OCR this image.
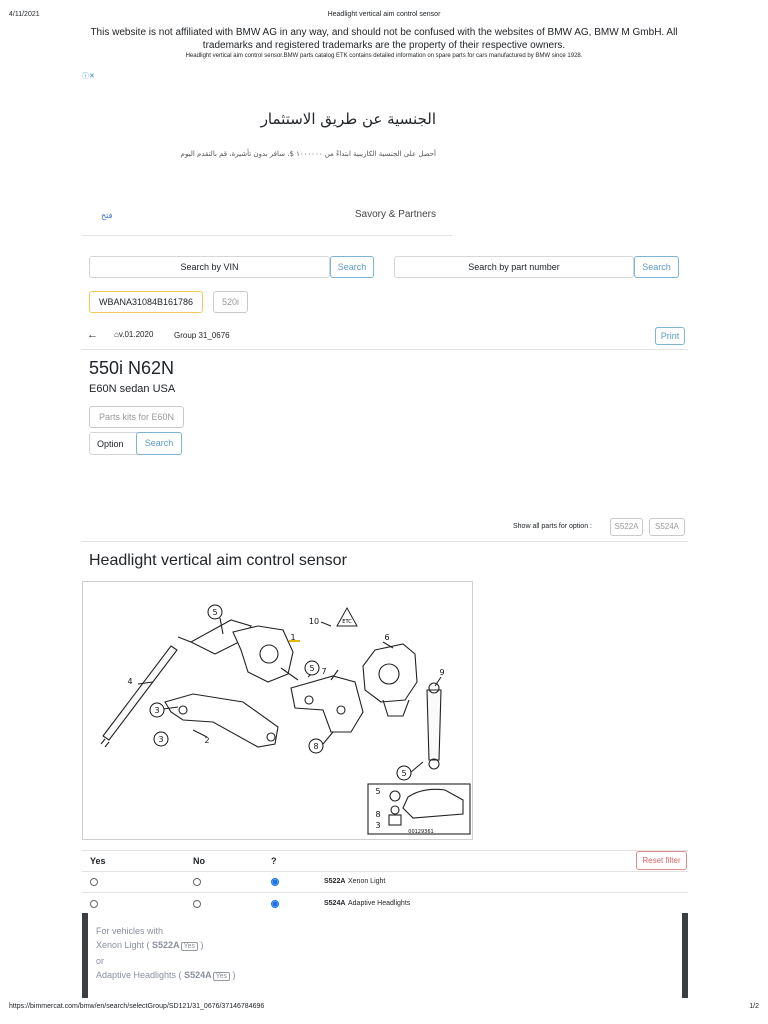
4/11/2021	Headlight vertical aim control sensor
This website is not affiliated with BMW AG in any way, and should not be confused with the websites of BMW AG, BMW M GmbH. All
trademarks and registered trademarks are the property of their respective owners.
Headlight vertical aim control sensor.BMW parts catalog ETK contains detailed information on spare parts for cars manufactured by BMW since 1928.
ⓘ✕
الجنسية عن طريق الاستثمار
أحصل على الجنسية الكاريبية ابتداءً من ١٠٠٠٠٠٠ $. سافر بدون تأشيرة، قم بالتقدم اليوم
فتح	Savory & Partners
Search by VIN	Search	Search by part number	Search
WBANA31084B161786	520i
← ⌂v.01.2020	Group 31_0676	Print
550i N62N
E60N sedan USA
Parts kits for E60N
Option	Search
Show all parts for option :	S522A	S524A
Headlight vertical aim control sensor
ETC
5
1
10
6
4
5 7	9
3
2
3
8
5
5
8
3
00129361
Yes	No	?	Reset filter
S522A Xenon Light
S524A Adaptive Headlights
For vehicles with
Xenon Light ( S522A Yes )
or
Adaptive Headlights ( S524A Yes )
https://bimmercat.com/bmw/en/search/selectGroup/SD121/31_0676/37146784696	1/2
